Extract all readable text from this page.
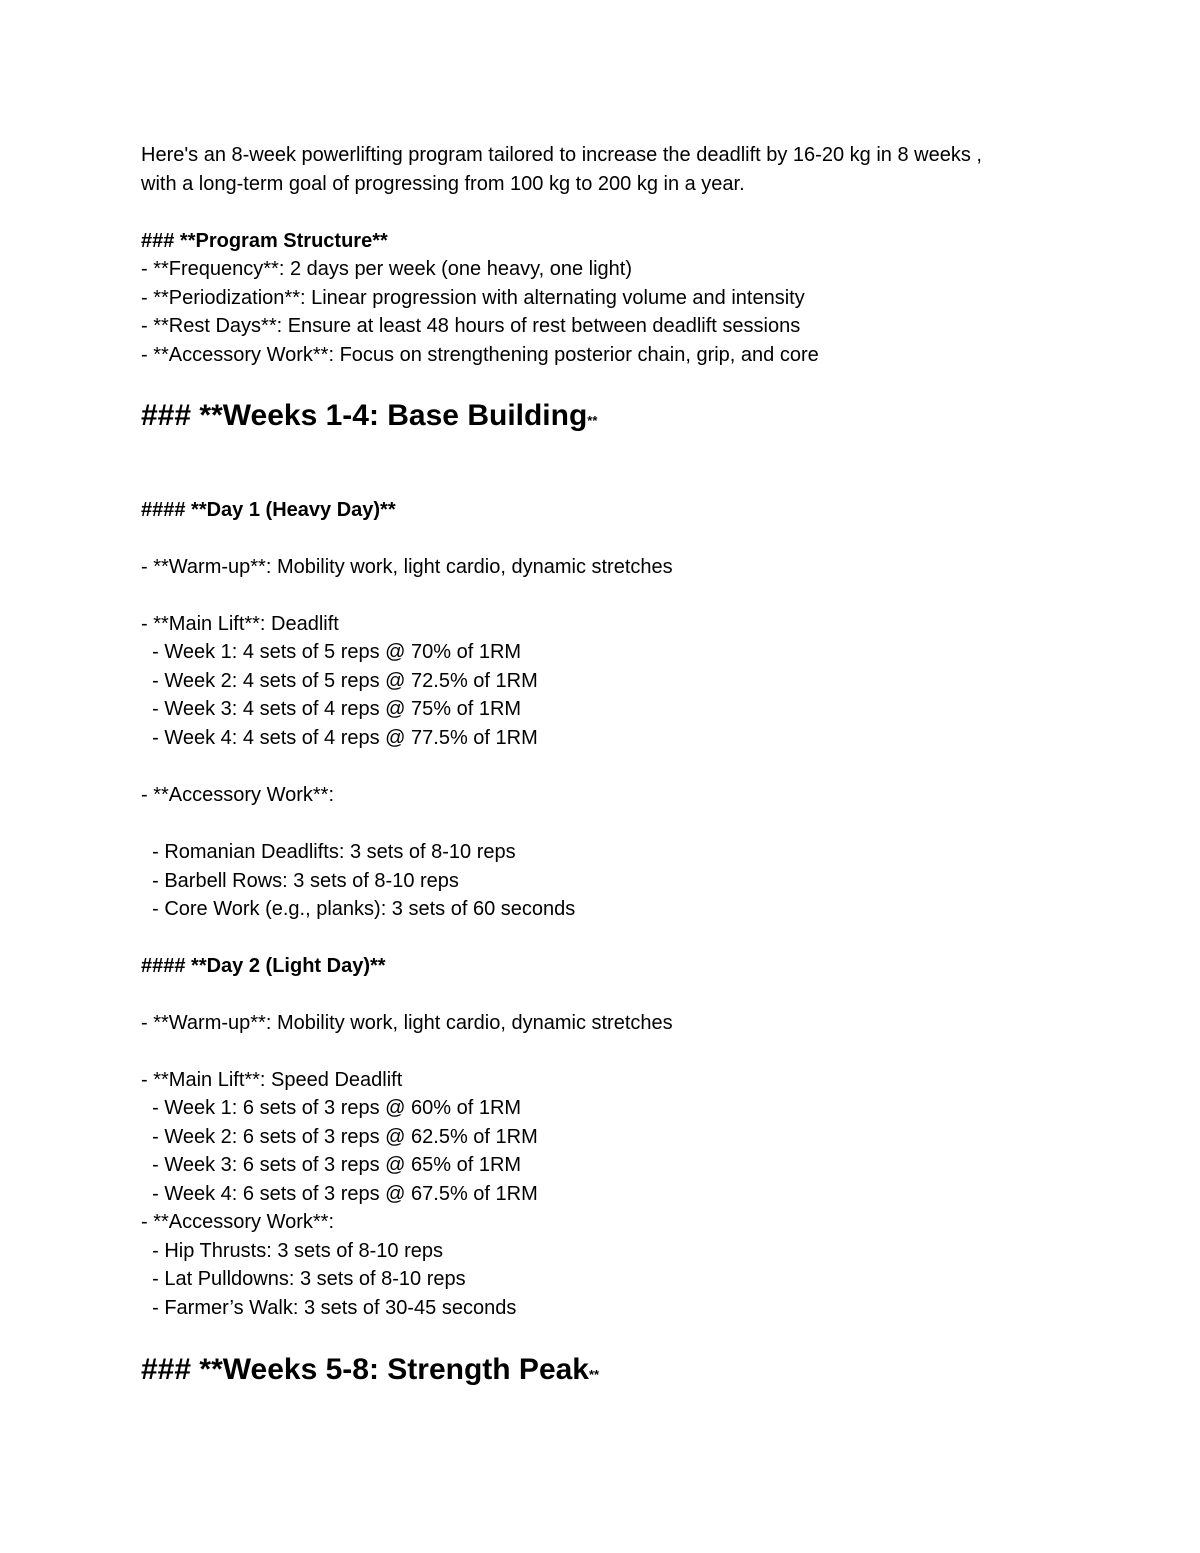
Here's an 8-week powerlifting program tailored to increase the deadlift by 16-20 kg in 8 weeks ,

with a long-term goal of progressing from 100 kg to 200 kg in a year.

### **Program Structure**

- **Frequency**: 2 days per week (one heavy, one light)

- **Periodization**: Linear progression with alternating volume and intensity

- **Rest Days**: Ensure at least 48 hours of rest between deadlift sessions

- **Accessory Work**: Focus on strengthening posterior chain, grip, and core

### **Weeks 1-4: Base Building**

#### **Day 1 (Heavy Day)**

- **Warm-up**: Mobility work, light cardio, dynamic stretches

- **Main Lift**: Deadlift

- Week 1: 4 sets of 5 reps @ 70% of 1RM

- Week 2: 4 sets of 5 reps @ 72.5% of 1RM

- Week 3: 4 sets of 4 reps @ 75% of 1RM

- Week 4: 4 sets of 4 reps @ 77.5% of 1RM

- **Accessory Work**:

- Romanian Deadlifts: 3 sets of 8-10 reps

- Barbell Rows: 3 sets of 8-10 reps

- Core Work (e.g., planks): 3 sets of 60 seconds

#### **Day 2 (Light Day)**

- **Warm-up**: Mobility work, light cardio, dynamic stretches

- **Main Lift**: Speed Deadlift

- Week 1: 6 sets of 3 reps @ 60% of 1RM

- Week 2: 6 sets of 3 reps @ 62.5% of 1RM

- Week 3: 6 sets of 3 reps @ 65% of 1RM

- Week 4: 6 sets of 3 reps @ 67.5% of 1RM

- **Accessory Work**:

- Hip Thrusts: 3 sets of 8-10 reps

- Lat Pulldowns: 3 sets of 8-10 reps

- Farmer’s Walk: 3 sets of 30-45 seconds

### **Weeks 5-8: Strength Peak**
